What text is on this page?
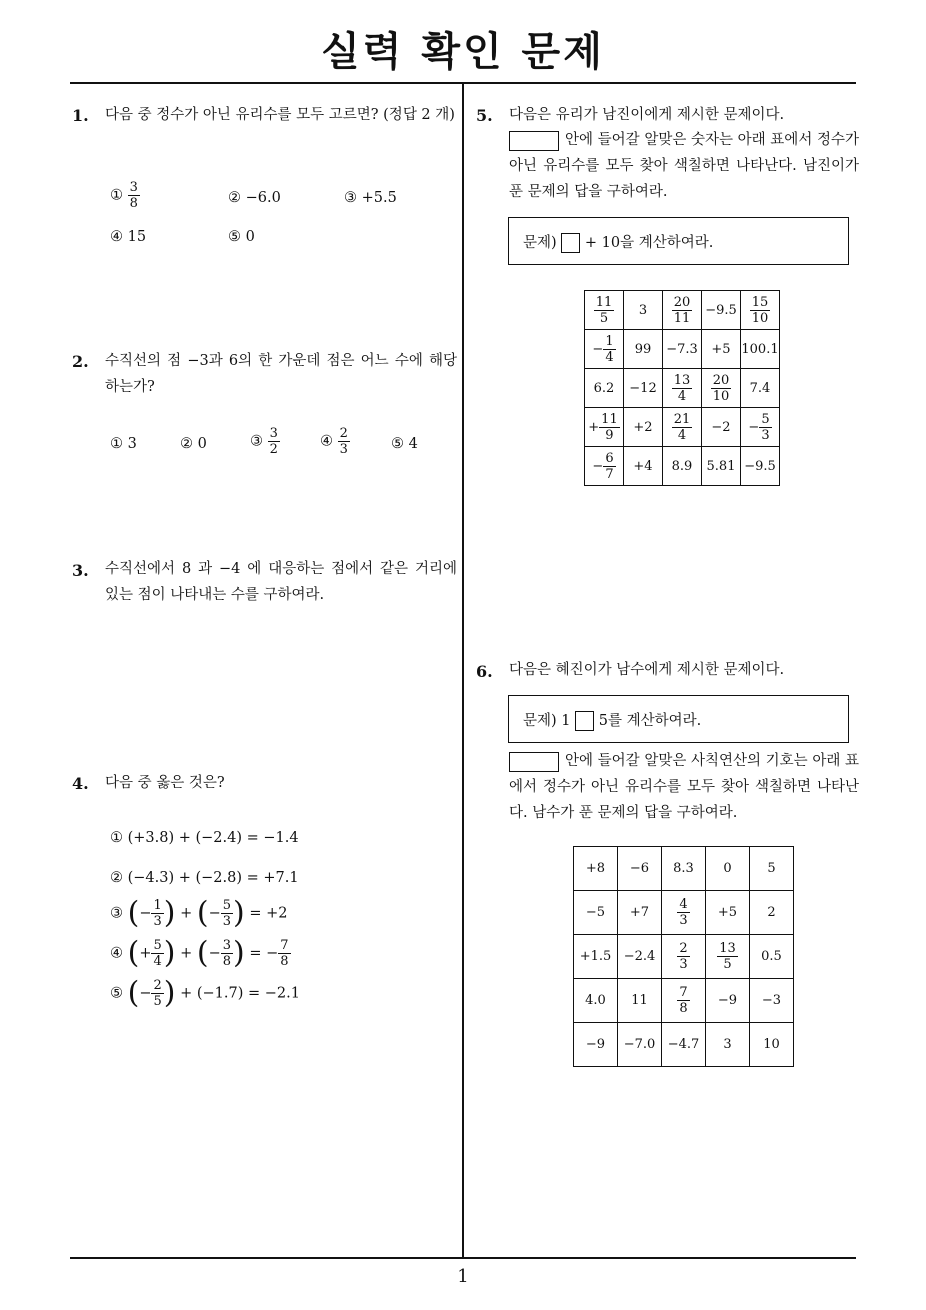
실력 확인 문제
1
1. 다음 중 정수가 아닌 유리수를 모두 고르면? (정답 2 개)
① $\frac{3}{8}$	② −6.0	③ +5.5
④ 15	⑤ 0
2. 수직선의 점 −3과 6의 한 가운데 점은 어느 수에 해당하는가?
① 3	② 0	③ $\frac{3}{2}$	④ $\frac{2}{3}$	⑤ 4
3. 수직선에서 8 과 −4 에 대응하는 점에서 같은 거리에 있는 점이 나타내는 수를 구하여라.
4. 다음 중 옳은 것은?
① (+3.8) + (−2.4) = −1.4
② (−4.3) + (−2.8) = +7.1
③ (− $\frac{1}{3}$ ) + (− $\frac{5}{3}$ ) = +2
④ (+ $\frac{5}{4}$ ) + (− $\frac{3}{8}$ ) = − $\frac{7}{8}$
⑤ (− $\frac{2}{5}$ ) + (−1.7) = −2.1
5. 다음은 유리가 남진이에게 제시한 문제이다.
안에 들어갈 알맞은 숫자는 아래 표에서 정수가 아닌 유리수를 모두 찾아 색칠하면 나타난다. 남진이가 푼 문제의 답을 구하여라.
문제) + 10을 계산하여라.
$\frac{11}{5}$	3	$\frac{20}{11}$	−9.5	$\frac{15}{10}$

− $\frac{1}{4}$	99	−7.3	+5	100.1
6.2	−12	$\frac{13}{4}$	$\frac{20}{10}$	7.4
+ $\frac{11}{9}$	+2	$\frac{21}{4}$	−2	− $\frac{5}{3}$

− $\frac{6}{7}$	+4	8.9	5.81	−9.5
6. 다음은 혜진이가 남수에게 제시한 문제이다.
문제) 1 5를 계산하여라.
안에 들어갈 알맞은 사칙연산의 기호는 아래 표에서 정수가 아닌 유리수를 모두 찾아 색칠하면 나타난다. 남수가 푼 문제의 답을 구하여라.
+8	−6	8.3	0	5
−5	+7	$\frac{4}{3}$	+5	2
+1.5	−2.4	$\frac{2}{3}$	$\frac{13}{5}$	0.5
4.0	11	$\frac{7}{8}$	−9	−3
−9	−7.0	−4.7	3	10
